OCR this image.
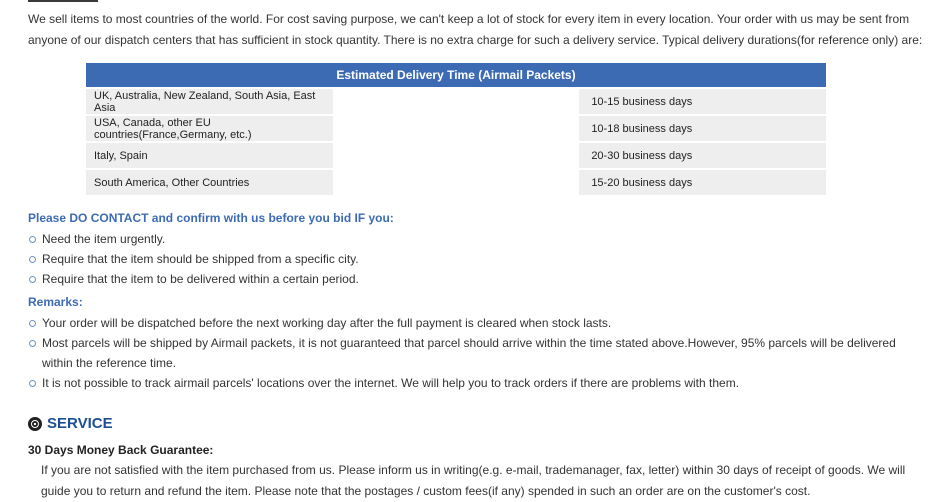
We sell items to most countries of the world. For cost saving purpose, we can't keep a lot of stock for every item in every location. Your order with us may be sent from anyone of our dispatch centers that has sufficient in stock quantity. There is no extra charge for such a delivery service. Typical delivery durations(for reference only) are:

Estimated Delivery Time (Airmail Packets)		
UK, Australia, New Zealand, South Asia, East Asia		10-15 business days
USA, Canada, other EU countries(France,Germany, etc.)		10-18 business days
Italy, Spain		20-30 business days
South America, Other Countries		15-20 business days

Please DO CONTACT and confirm with us before you bid IF you:

Need the item urgently.
Require that the item should be shipped from a specific city.
Require that the item to be delivered within a certain period.

Remarks:

Your order will be dispatched before the next working day after the full payment is cleared when stock lasts.
Most parcels will be shipped by Airmail packets, it is not guaranteed that parcel should arrive within the time stated above.However, 95% parcels will be delivered within the reference time.
It is not possible to track airmail parcels' locations over the internet. We will help you to track orders if there are problems with them.
SERVICE

30 Days Money Back Guarantee:

If you are not satisfied with the item purchased from us. Please inform us in writing(e.g. e-mail, trademanager, fax, letter) within 30 days of receipt of goods. We will guide you to return and refund the item. Please note that the postages / custom fees(if any) spended in such an order are on the customer's cost.
